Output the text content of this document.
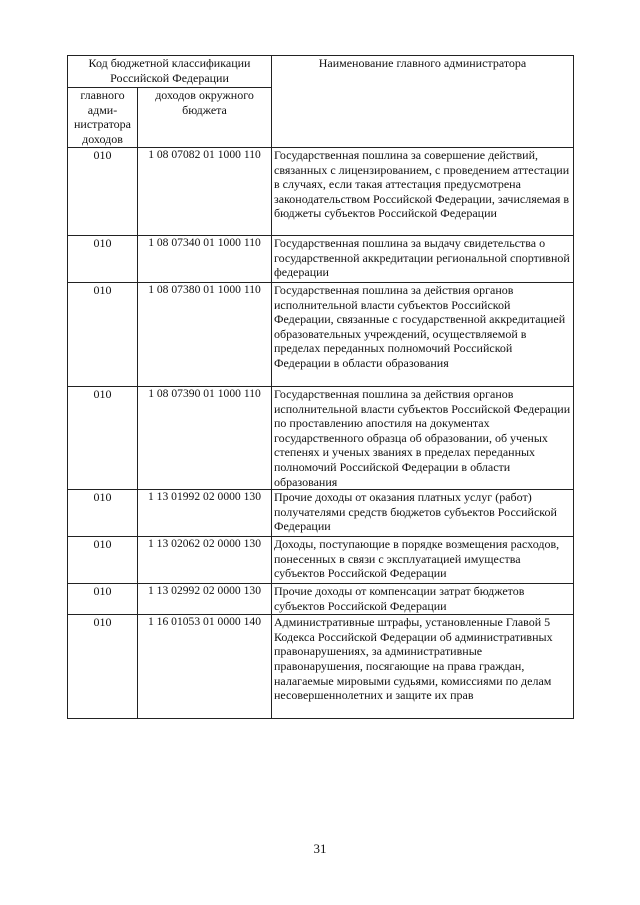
Код бюджетной классификации Российской Федерации		Наименование главного администратора
главного адми-нистратора доходов	доходов окружного бюджета	
010	1 08 07082 01 1000 110	Государственная пошлина за совершение действий, связанных с лицензированием, с проведением аттестации в случаях, если такая аттестация предусмотрена законодательством Российской Федерации, зачисляемая в бюджеты субъектов Российской Федерации
010	1 08 07340 01 1000 110	Государственная пошлина за выдачу свидетельства о государственной аккредитации региональной спортивной федерации
010	1 08 07380 01 1000 110	Государственная пошлина за действия органов исполнительной власти субъектов Российской Федерации, связанные с государственной аккредитацией образовательных учреждений, осуществляемой в пределах переданных полномочий Российской Федерации в области образования
010	1 08 07390 01 1000 110	Государственная пошлина за действия органов исполнительной власти субъектов Российской Федерации по проставлению апостиля на документах государственного образца об образовании, об ученых степенях и ученых званиях в пределах переданных полномочий Российской Федерации в области образования
010	1 13 01992 02 0000 130	Прочие доходы от оказания платных услуг (работ) получателями средств бюджетов субъектов Российской Федерации
010	1 13 02062 02 0000 130	Доходы, поступающие в порядке возмещения расходов, понесенных в связи с эксплуатацией имущества субъектов Российской Федерации
010	1 13 02992 02 0000 130	Прочие доходы от компенсации затрат бюджетов субъектов Российской Федерации
010	1 16 01053 01 0000 140	Административные штрафы, установленные Главой 5 Кодекса Российской Федерации об административных правонарушениях, за административные правонарушения, посягающие на права граждан, налагаемые мировыми судьями, комиссиями по делам несовершеннолетних и защите их прав
31
